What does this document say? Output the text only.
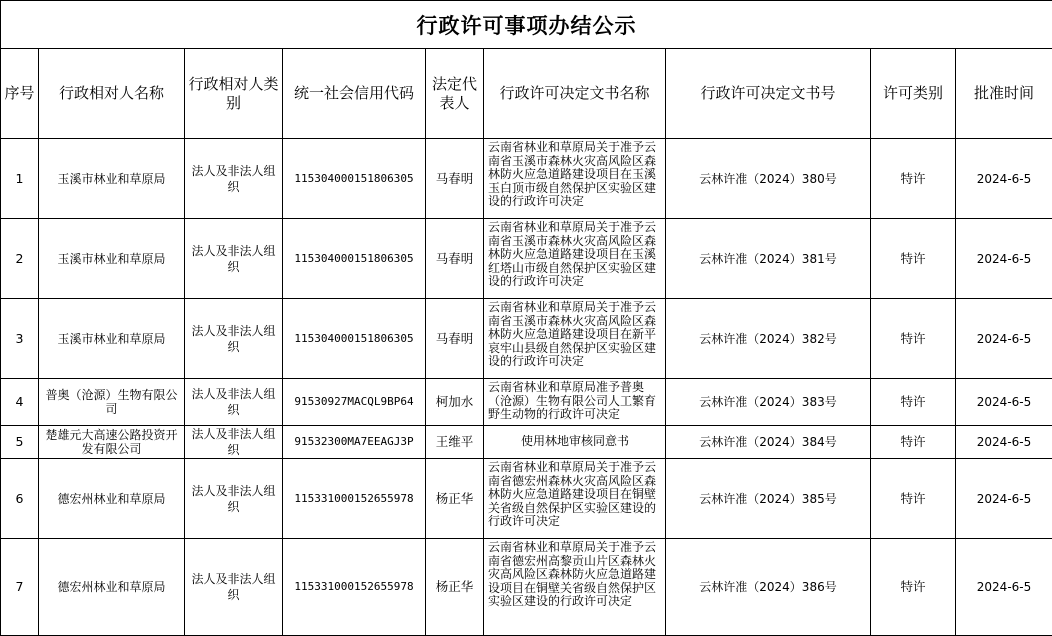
行政许可事项办结公示								
序号	行政相对人名称	行政相对人类别	统一社会信用代码	法定代表人	行政许可决定文书名称	行政许可决定文书号	许可类别	批准时间
1	玉溪市林业和草原局	法人及非法人组织	115304000151806305	马春明	云南省林业和草原局关于准予云南省玉溪市森林火灾高风险区森林防火应急道路建设项目在玉溪玉白顶市级自然保护区实验区建设的行政许可决定	云林许准（2024）380号	特许	2024-6-5
2	玉溪市林业和草原局	法人及非法人组织	115304000151806305	马春明	云南省林业和草原局关于准予云南省玉溪市森林火灾高风险区森林防火应急道路建设项目在玉溪红塔山市级自然保护区实验区建设的行政许可决定	云林许准（2024）381号	特许	2024-6-5
3	玉溪市林业和草原局	法人及非法人组织	115304000151806305	马春明	云南省林业和草原局关于准予云南省玉溪市森林火灾高风险区森林防火应急道路建设项目在新平哀牢山县级自然保护区实验区建设的行政许可决定	云林许准（2024）382号	特许	2024-6-5
4	普奥（沧源）生物有限公司	法人及非法人组织	91530927MACQL9BP64	柯加水	云南省林业和草原局准予普奥（沧源）生物有限公司人工繁育野生动物的行政许可决定	云林许准（2024）383号	特许	2024-6-5
5	楚雄元大高速公路投资开发有限公司	法人及非法人组织	91532300MA7EEAGJ3P	王维平	使用林地审核同意书	云林许准（2024）384号	特许	2024-6-5
6	德宏州林业和草原局	法人及非法人组织	115331000152655978	杨正华	云南省林业和草原局关于准予云南省德宏州森林火灾高风险区森林防火应急道路建设项目在铜壁关省级自然保护区实验区建设的行政许可决定	云林许准（2024）385号	特许	2024-6-5
7	德宏州林业和草原局	法人及非法人组织	115331000152655978	杨正华	云南省林业和草原局关于准予云南省德宏州高黎贡山片区森林火灾高风险区森林防火应急道路建设项目在铜壁关省级自然保护区实验区建设的行政许可决定	云林许准（2024）386号	特许	2024-6-5
